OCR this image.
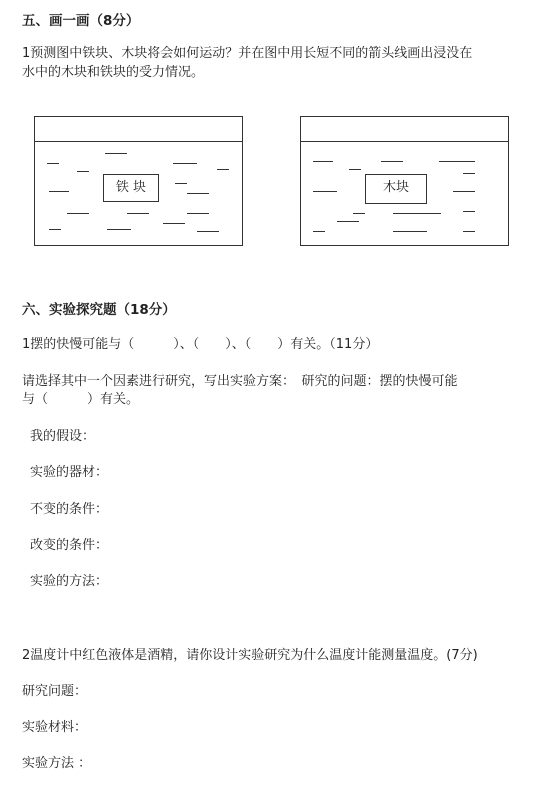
五、画一画（8分）
1预测图中铁块、木块将会如何运动？并在图中用长短不同的箭头线画出浸没在
水中的木块和铁块的受力情况。
铁 块	木块
六、实验探究题（18分）
1摆的快慢可能与（　　　）、（　　）、（　　）有关。（11分）
请选择其中一个因素进行研究，写出实验方案：　研究的问题：摆的快慢可能
与（　　　）有关。
我的假设：
实验的器材：
不变的条件：
改变的条件：
实验的方法：
2温度计中红色液体是酒精，请你设计实验研究为什么温度计能测量温度。(7分)
研究问题：
实验材料：
实验方法 ：
